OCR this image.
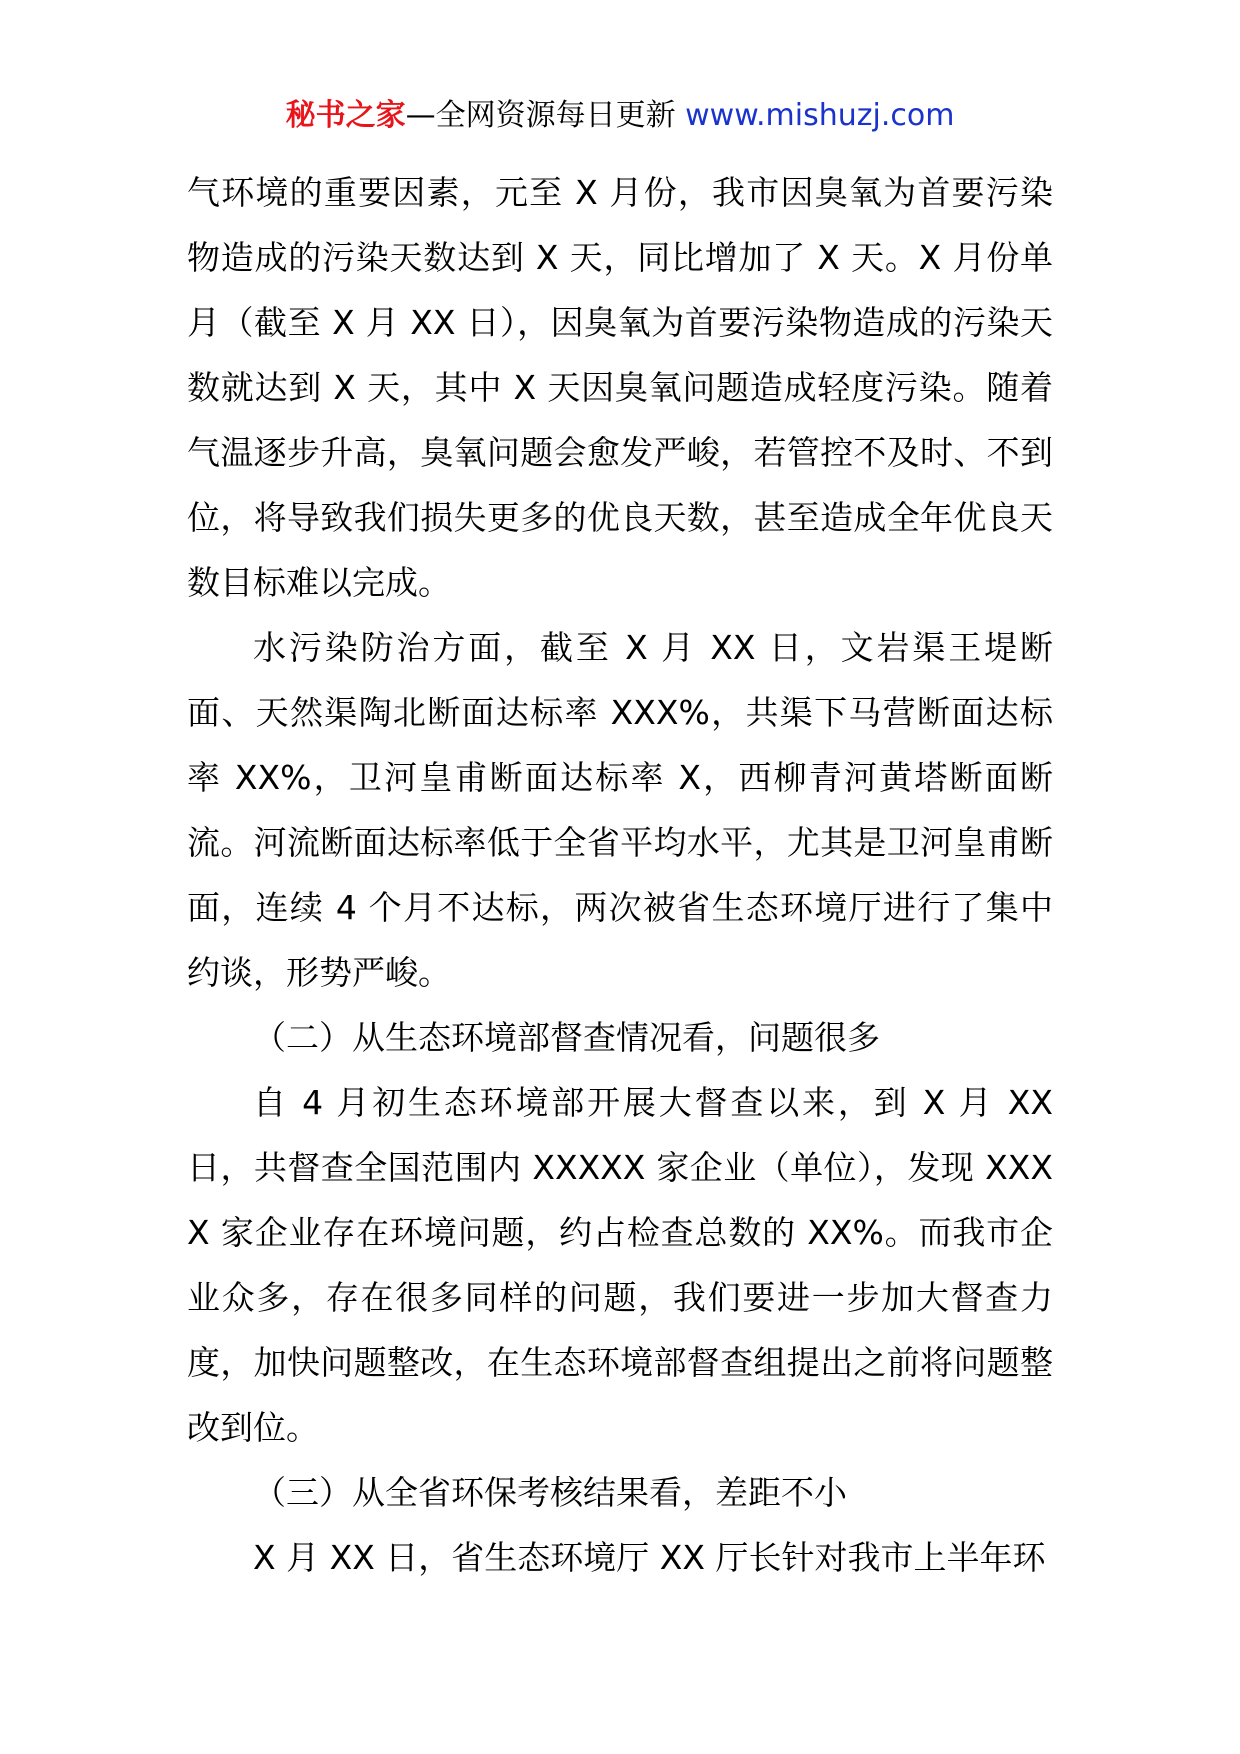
秘书之家—全网资源每日更新 www.mishuzj.com

气环境的重要因素，元至 X 月份，我市因臭氧为首要污染物造成的污染天数达到 X 天，同比增加了 X 天。X 月份单月（截至 X 月 XX 日），因臭氧为首要污染物造成的污染天数就达到 X 天，其中 X 天因臭氧问题造成轻度污染。随着气温逐步升高，臭氧问题会愈发严峻，若管控不及时、不到位，将导致我们损失更多的优良天数，甚至造成全年优良天数目标难以完成。

水污染防治方面，截至 X 月 XX 日，文岩渠王堤断面、天然渠陶北断面达标率 XXX%，共渠下马营断面达标率 XX%，卫河皇甫断面达标率 X，西柳青河黄塔断面断流。河流断面达标率低于全省平均水平，尤其是卫河皇甫断面，连续 4 个月不达标，两次被省生态环境厅进行了集中约谈，形势严峻。

（二）从生态环境部督查情况看，问题很多

自 4 月初生态环境部开展大督查以来，到 X 月 XX 日，共督查全国范围内 XXXXX 家企业（单位），发现 XXXX 家企业存在环境问题，约占检查总数的 XX%。而我市企业众多，存在很多同样的问题，我们要进一步加大督查力度，加快问题整改，在生态环境部督查组提出之前将问题整改到位。

（三）从全省环保考核结果看，差距不小

X 月 XX 日，省生态环境厅 XX 厅长针对我市上半年环
